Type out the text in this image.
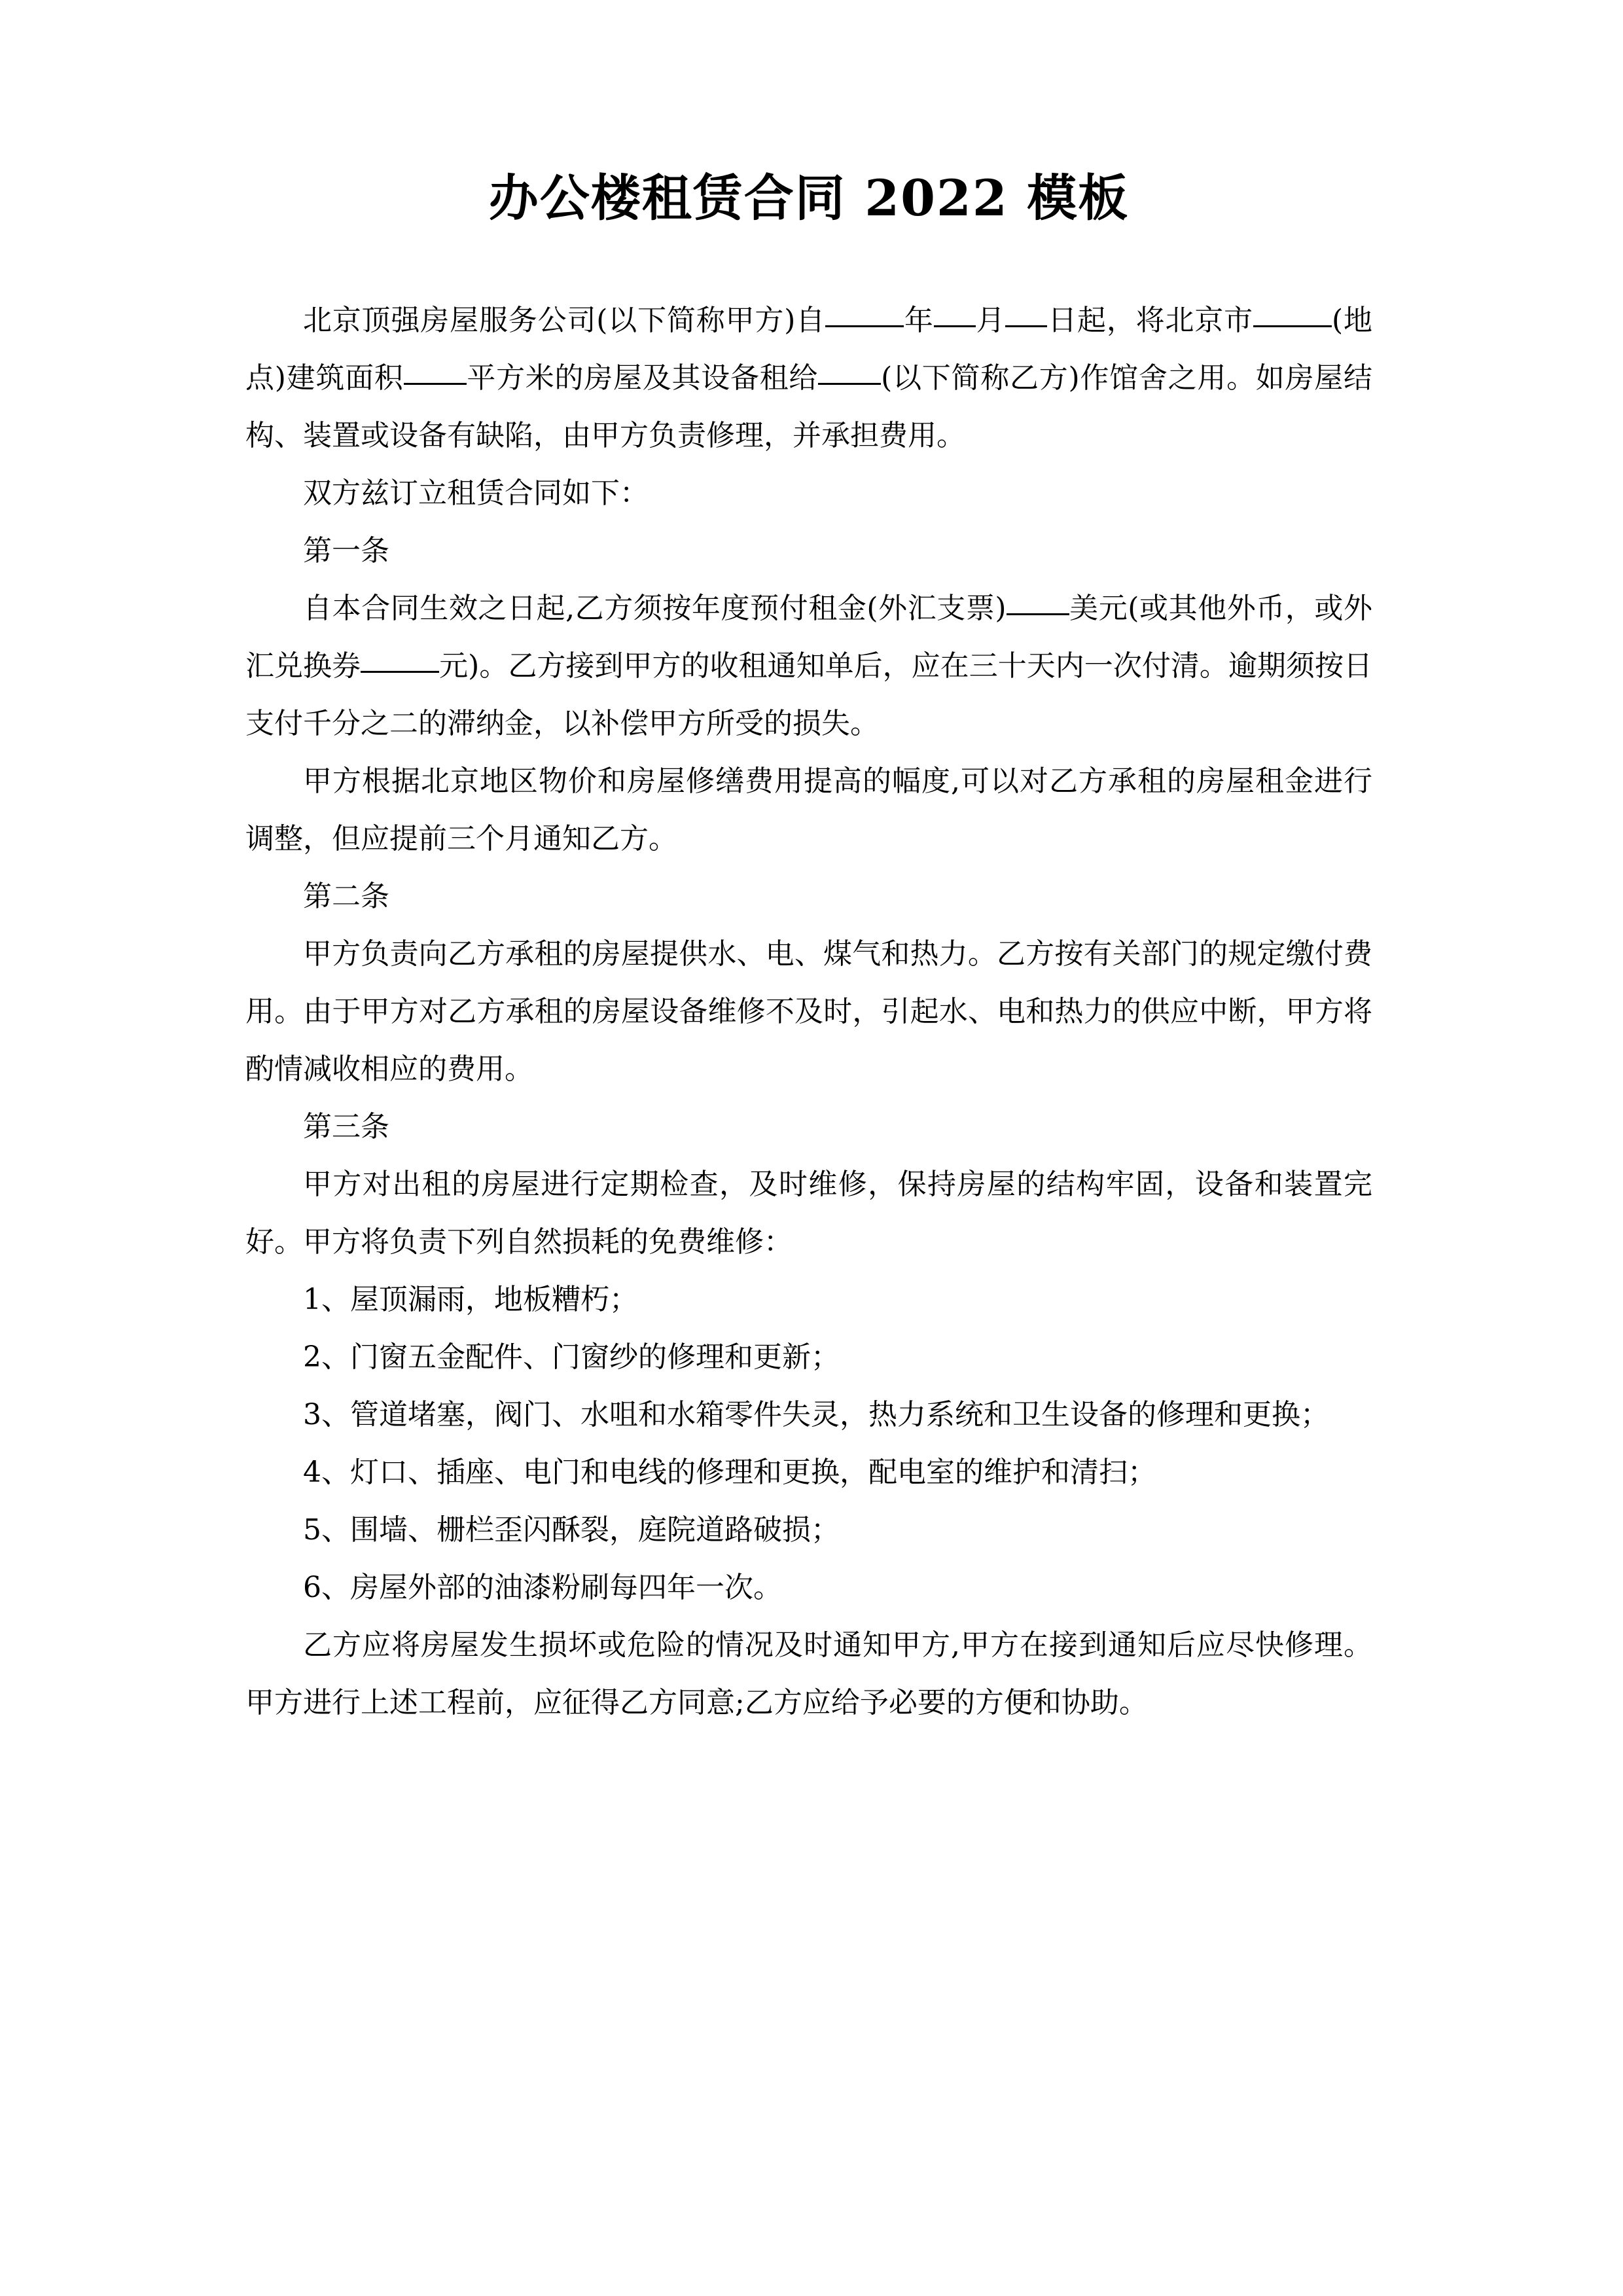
办公楼租赁合同 2022 模板

北京顶强房屋服务公司(以下简称甲方)自	年 月 日起，将北京市	(地点)建筑面积 平方米的房屋及其设备租给 (以下简称乙方)作馆舍之用。如房屋结构、装置或设备有缺陷，由甲方负责修理，并承担费用。

双方兹订立租赁合同如下：

第一条

自本合同生效之日起,乙方须按年度预付租金(外汇支票) 美元(或其他外币，或外汇兑换券	元)。乙方接到甲方的收租通知单后，应在三十天内一次付清。逾期须按日支付千分之二的滞纳金，以补偿甲方所受的损失。

甲方根据北京地区物价和房屋修缮费用提高的幅度,可以对乙方承租的房屋租金进行调整，但应提前三个月通知乙方。

第二条

甲方负责向乙方承租的房屋提供水、电、煤气和热力。乙方按有关部门的规定缴付费用。由于甲方对乙方承租的房屋设备维修不及时，引起水、电和热力的供应中断，甲方将酌情减收相应的费用。

第三条

甲方对出租的房屋进行定期检查，及时维修，保持房屋的结构牢固，设备和装置完好。甲方将负责下列自然损耗的免费维修：

1、屋顶漏雨，地板糟朽；

2、门窗五金配件、门窗纱的修理和更新；

3、管道堵塞，阀门、水咀和水箱零件失灵，热力系统和卫生设备的修理和更换；

4、灯口、插座、电门和电线的修理和更换，配电室的维护和清扫；

5、围墙、栅栏歪闪酥裂，庭院道路破损；

6、房屋外部的油漆粉刷每四年一次。

乙方应将房屋发生损坏或危险的情况及时通知甲方,甲方在接到通知后应尽快修理。甲方进行上述工程前，应征得乙方同意;乙方应给予必要的方便和协助。
